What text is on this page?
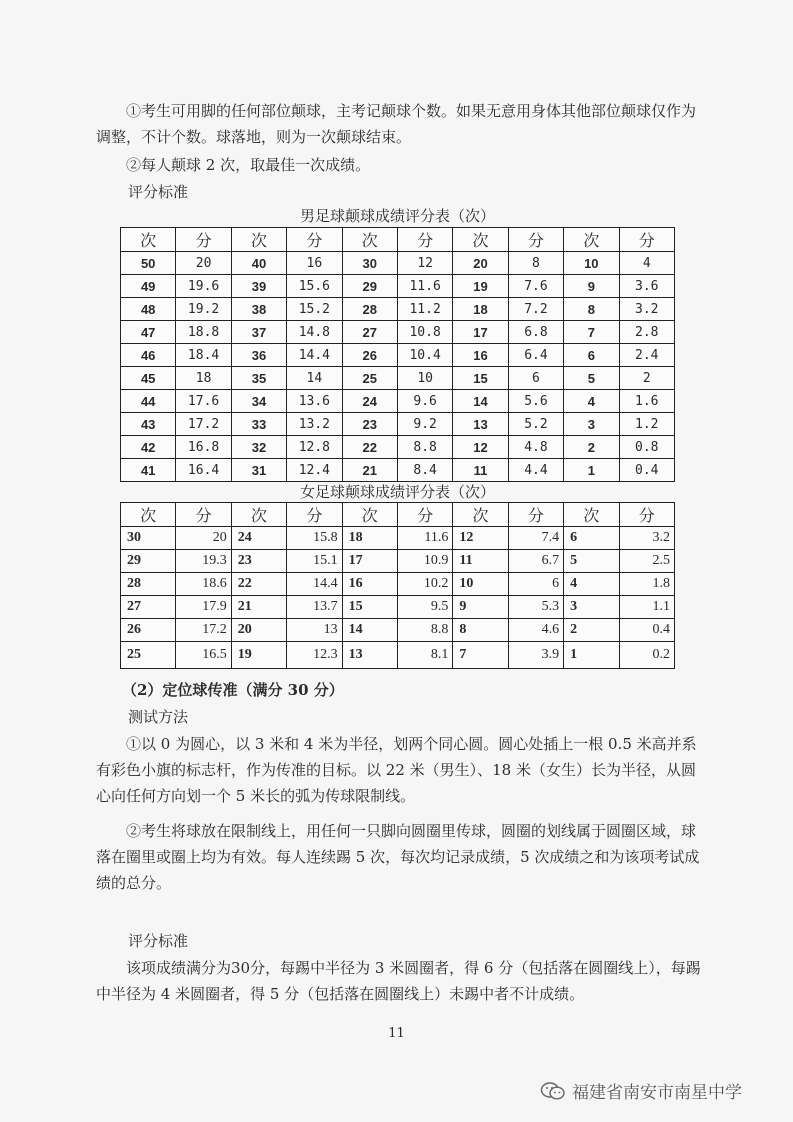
①考生可用脚的任何部位颠球，主考记颠球个数。如果无意用身体其他部位颠球仅作为调整，不计个数。球落地，则为一次颠球结束。

②每人颠球 2 次，取最佳一次成绩。

评分标准

男足球颠球成绩评分表（次）
次	分	次	分	次	分	次	分	次	分
50	20	40	16	30	12	20	8	10	4
49	19.6	39	15.6	29	11.6	19	7.6	9	3.6
48	19.2	38	15.2	28	11.2	18	7.2	8	3.2
47	18.8	37	14.8	27	10.8	17	6.8	7	2.8
46	18.4	36	14.4	26	10.4	16	6.4	6	2.4
45	18	35	14	25	10	15	6	5	2
44	17.6	34	13.6	24	9.6	14	5.6	4	1.6
43	17.2	33	13.2	23	9.2	13	5.2	3	1.2
42	16.8	32	12.8	22	8.8	12	4.8	2	0.8
41	16.4	31	12.4	21	8.4	11	4.4	1	0.4
女足球颠球成绩评分表（次）
次	分	次	分	次	分	次	分	次	分
30	20	24	15.8	18	11.6	12	7.4	6	3.2
29	19.3	23	15.1	17	10.9	11	6.7	5	2.5
28	18.6	22	14.4	16	10.2	10	6	4	1.8
27	17.9	21	13.7	15	9.5	9	5.3	3	1.1
26	17.2	20	13	14	8.8	8	4.6	2	0.4
25	16.5	19	12.3	13	8.1	7	3.9	1	0.2

（2）定位球传准（满分 30 分）

测试方法

①以 0 为圆心，以 3 米和 4 米为半径，划两个同心圆。圆心处插上一根 0.5 米高并系有彩色小旗的标志杆，作为传准的目标。以 22 米（男生）、18 米（女生）长为半径，从圆心向任何方向划一个 5 米长的弧为传球限制线。

②考生将球放在限制线上，用任何一只脚向圆圈里传球，圆圈的划线属于圆圈区域，球落在圈里或圈上均为有效。每人连续踢 5 次，每次均记录成绩，5 次成绩之和为该项考试成绩的总分。

评分标准

该项成绩满分为30分，每踢中半径为 3 米圆圈者，得 6 分（包括落在圆圈线上），每踢中半径为 4 米圆圈者，得 5 分（包括落在圆圈线上）未踢中者不计成绩。

11
福建省南安市南星中学
